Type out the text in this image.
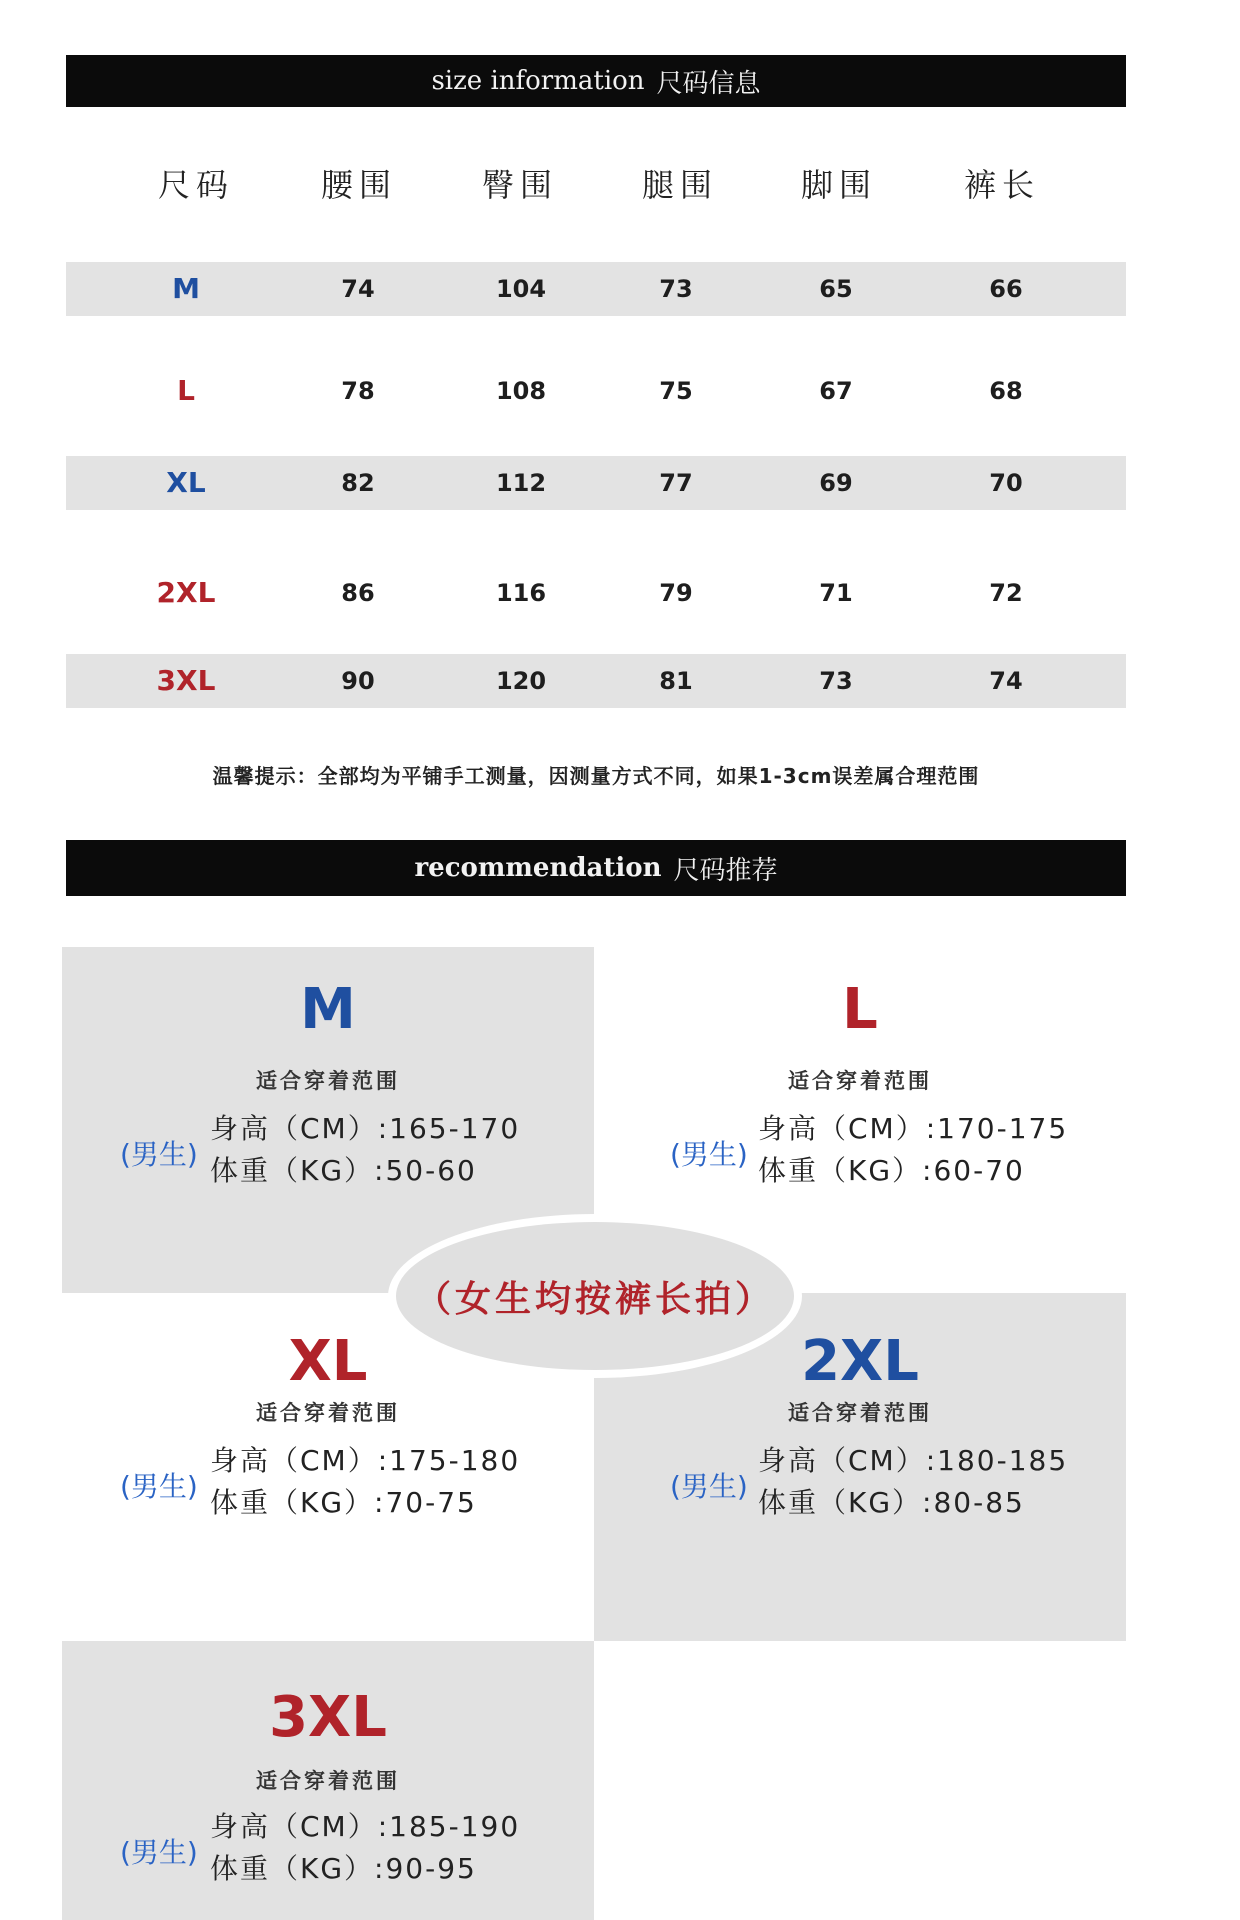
size information 尺码信息
尺码	腰围	臀围	腿围	脚围	裤长
M	74	104	73	65	66
L	78	108	75	67	68
XL	82	112	77	69	70
2XL	86	116	79	71	72
3XL	90	120	81	73	74
温馨提示：全部均为平铺手工测量，因测量方式不同，如果1-3cm误差属合理范围
recommendation 尺码推荐
M
适合穿着范围
(男生)
身高（CM）:165-170
体重（KG）:50-60
L
适合穿着范围
(男生)
身高（CM）:170-175
体重（KG）:60-70
XL
适合穿着范围
(男生)
身高（CM）:175-180
体重（KG）:70-75
2XL
适合穿着范围
(男生)
身高（CM）:180-185
体重（KG）:80-85
3XL
适合穿着范围
(男生)
身高（CM）:185-190
体重（KG）:90-95
（女生均按裤长拍）
